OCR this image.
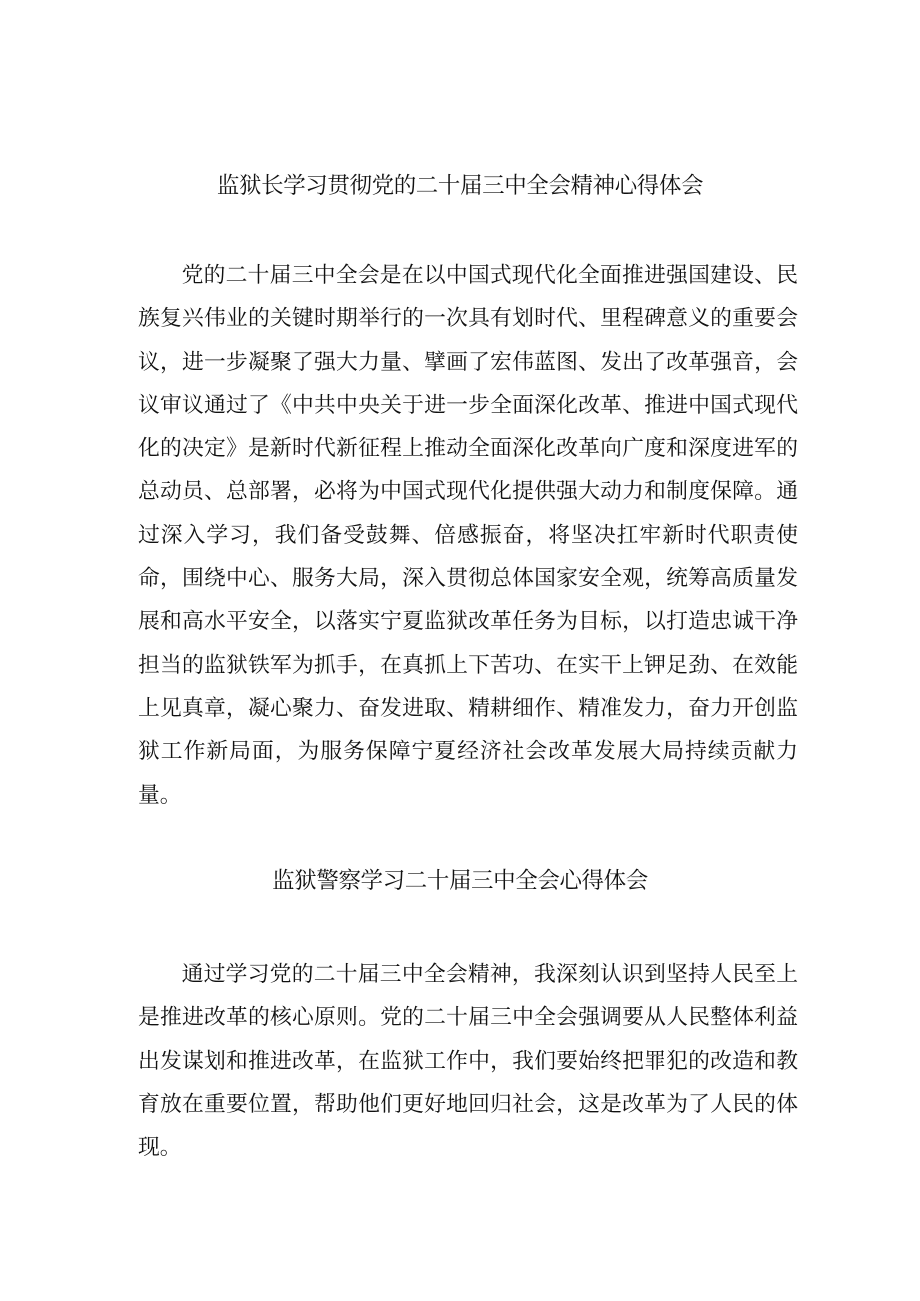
监狱长学习贯彻党的二十届三中全会精神心得体会

党的二十届三中全会是在以中国式现代化全面推进强国建设、民族复兴伟业的关键时期举行的一次具有划时代、里程碑意义的重要会议，进一步凝聚了强大力量、擘画了宏伟蓝图、发出了改革强音，会议审议通过了《中共中央关于进一步全面深化改革、推进中国式现代化的决定》是新时代新征程上推动全面深化改革向广度和深度进军的总动员、总部署，必将为中国式现代化提供强大动力和制度保障。通过深入学习，我们备受鼓舞、倍感振奋，将坚决扛牢新时代职责使命，围绕中心、服务大局，深入贯彻总体国家安全观，统筹高质量发展和高水平安全，以落实宁夏监狱改革任务为目标，以打造忠诚干净担当的监狱铁军为抓手，在真抓上下苦功、在实干上钾足劲、在效能上见真章，凝心聚力、奋发进取、精耕细作、精准发力，奋力开创监狱工作新局面，为服务保障宁夏经济社会改革发展大局持续贡献力量。

监狱警察学习二十届三中全会心得体会

通过学习党的二十届三中全会精神，我深刻认识到坚持人民至上是推进改革的核心原则。党的二十届三中全会强调要从人民整体利益出发谋划和推进改革，在监狱工作中，我们要始终把罪犯的改造和教育放在重要位置，帮助他们更好地回归社会，这是改革为了人民的体现。
